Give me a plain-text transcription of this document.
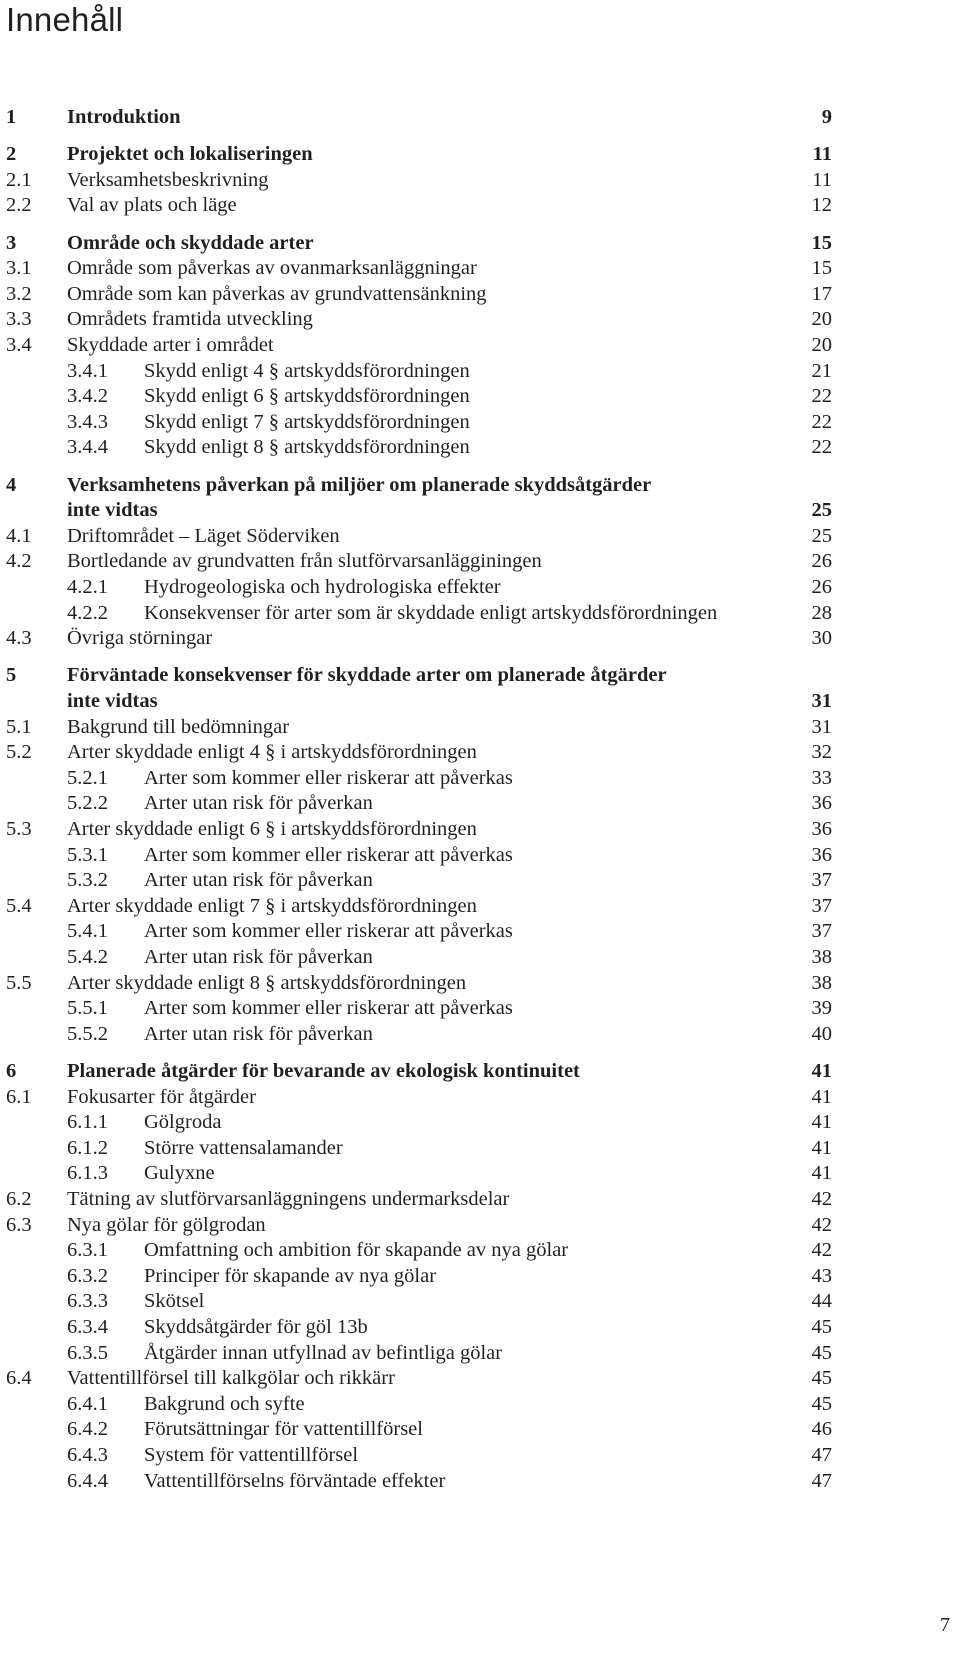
Innehåll
1 Introduktion	9
2 Projektet och lokaliseringen	11
2.1 Verksamhetsbeskrivning	11
2.2 Val av plats och läge	12
3 Område och skyddade arter	15
3.1 Område som påverkas av ovanmarksanläggningar	15
3.2 Område som kan påverkas av grundvattensänkning	17
3.3 Områdets framtida utveckling	20
3.4 Skyddade arter i området	20
3.4.1 Skydd enligt 4 § artskyddsförordningen	21
3.4.2 Skydd enligt 6 § artskyddsförordningen	22
3.4.3 Skydd enligt 7 § artskyddsförordningen	22
3.4.4 Skydd enligt 8 § artskyddsförordningen	22
4 Verksamhetens påverkan på miljöer om planerade skyddsåtgärder
inte vidtas	25
4.1 Driftområdet – Läget Söderviken	25
4.2 Bortledande av grundvatten från slutförvarsanlägginingen	26
4.2.1 Hydrogeologiska och hydrologiska effekter	26
4.2.2 Konsekvenser för arter som är skyddade enligt artskyddsförordningen	28
4.3 Övriga störningar	30
5 Förväntade konsekvenser för skyddade arter om planerade åtgärder
inte vidtas	31
5.1 Bakgrund till bedömningar	31
5.2 Arter skyddade enligt 4 § i artskyddsförordningen	32
5.2.1 Arter som kommer eller riskerar att påverkas	33
5.2.2 Arter utan risk för påverkan	36
5.3 Arter skyddade enligt 6 § i artskyddsförordningen	36
5.3.1 Arter som kommer eller riskerar att påverkas	36
5.3.2 Arter utan risk för påverkan	37
5.4 Arter skyddade enligt 7 § i artskyddsförordningen	37
5.4.1 Arter som kommer eller riskerar att påverkas	37
5.4.2 Arter utan risk för påverkan	38
5.5 Arter skyddade enligt 8 § artskyddsförordningen	38
5.5.1 Arter som kommer eller riskerar att påverkas	39
5.5.2 Arter utan risk för påverkan	40
6 Planerade åtgärder för bevarande av ekologisk kontinuitet	41
6.1 Fokusarter för åtgärder	41
6.1.1 Gölgroda	41
6.1.2 Större vattensalamander	41
6.1.3 Gulyxne	41
6.2 Tätning av slutförvarsanläggningens undermarksdelar	42
6.3 Nya gölar för gölgrodan	42
6.3.1 Omfattning och ambition för skapande av nya gölar	42
6.3.2 Principer för skapande av nya gölar	43
6.3.3 Skötsel	44
6.3.4 Skyddsåtgärder för göl 13b	45
6.3.5 Åtgärder innan utfyllnad av befintliga gölar	45
6.4 Vattentillförsel till kalkgölar och rikkärr	45
6.4.1 Bakgrund och syfte	45
6.4.2 Förutsättningar för vattentillförsel	46
6.4.3 System för vattentillförsel	47
6.4.4 Vattentillförselns förväntade effekter	47
7
